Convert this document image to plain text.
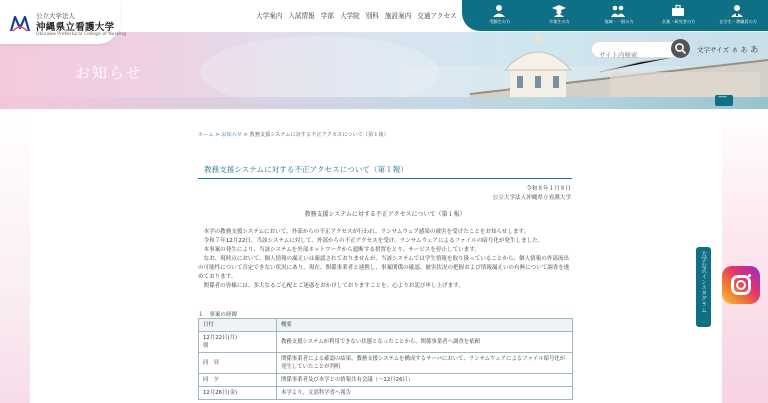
公立大学法人
沖縄県立看護大学
Okinawa Prefectural College of Nursing
大学案内 入試情報 学部 大学院 別科 施設案内 交通アクセス
受験生の方	卒業生の方	地域・一般の方	企業・研究者の方	在学生・教職員の方
お知らせ
—
サイト内検索
文字サイズ あ あ あ
大学公式インスタグラム
ホーム > お知らせ > 教務支援システムに対する不正アクセスについて（第１報）
教務支援システムに対する不正アクセスについて（第１報）
令和８年１月８日
公立大学法人沖縄県立看護大学
教務支援システムに対する不正アクセスについて（第１報）

　本学の教務支援システムにおいて、外部からの不正アクセスが行われ、ランサムウェア感染の被害を受けたことをお知らせします。

　令和７年12月22日、当該システムに対して、外部からの不正アクセスを受け、ランサムウェアによるファイルの暗号化が発生しました。

　本事案の発生により、当該システムを外部ネットワークから遮断する措置をとり、サービスを停止しています。

　なお、現時点において、個人情報の漏えいは確認されておりませんが、当該システムでは学生情報を取り扱っていることから、個人情報の外部流出の可能性について否定できない状況にあり、現在、関係事業者と連携し、事案関係の確認、被害状況の把握および情報漏えいの有無について調査を進めております。

　関係者の皆様には、多大なるご心配とご迷惑をおかけしておりますことを、心よりお詫び申し上げます。

１　事案の経緯
日付	概要
12月22日(月)
朝	教務支援システムが利用できない状態となったことから、関係事業者へ調査を依頼
同　昼	関係事業者による確認の結果、教務支援システムを構成するサーバにおいて、ランサムウェアによるファイル暗号化が発生していたことが判明
同　夕	関係事業者及び本学との情報共有会議（～12月26日）
12月26日(金)	本学より、文部科学省へ報告
